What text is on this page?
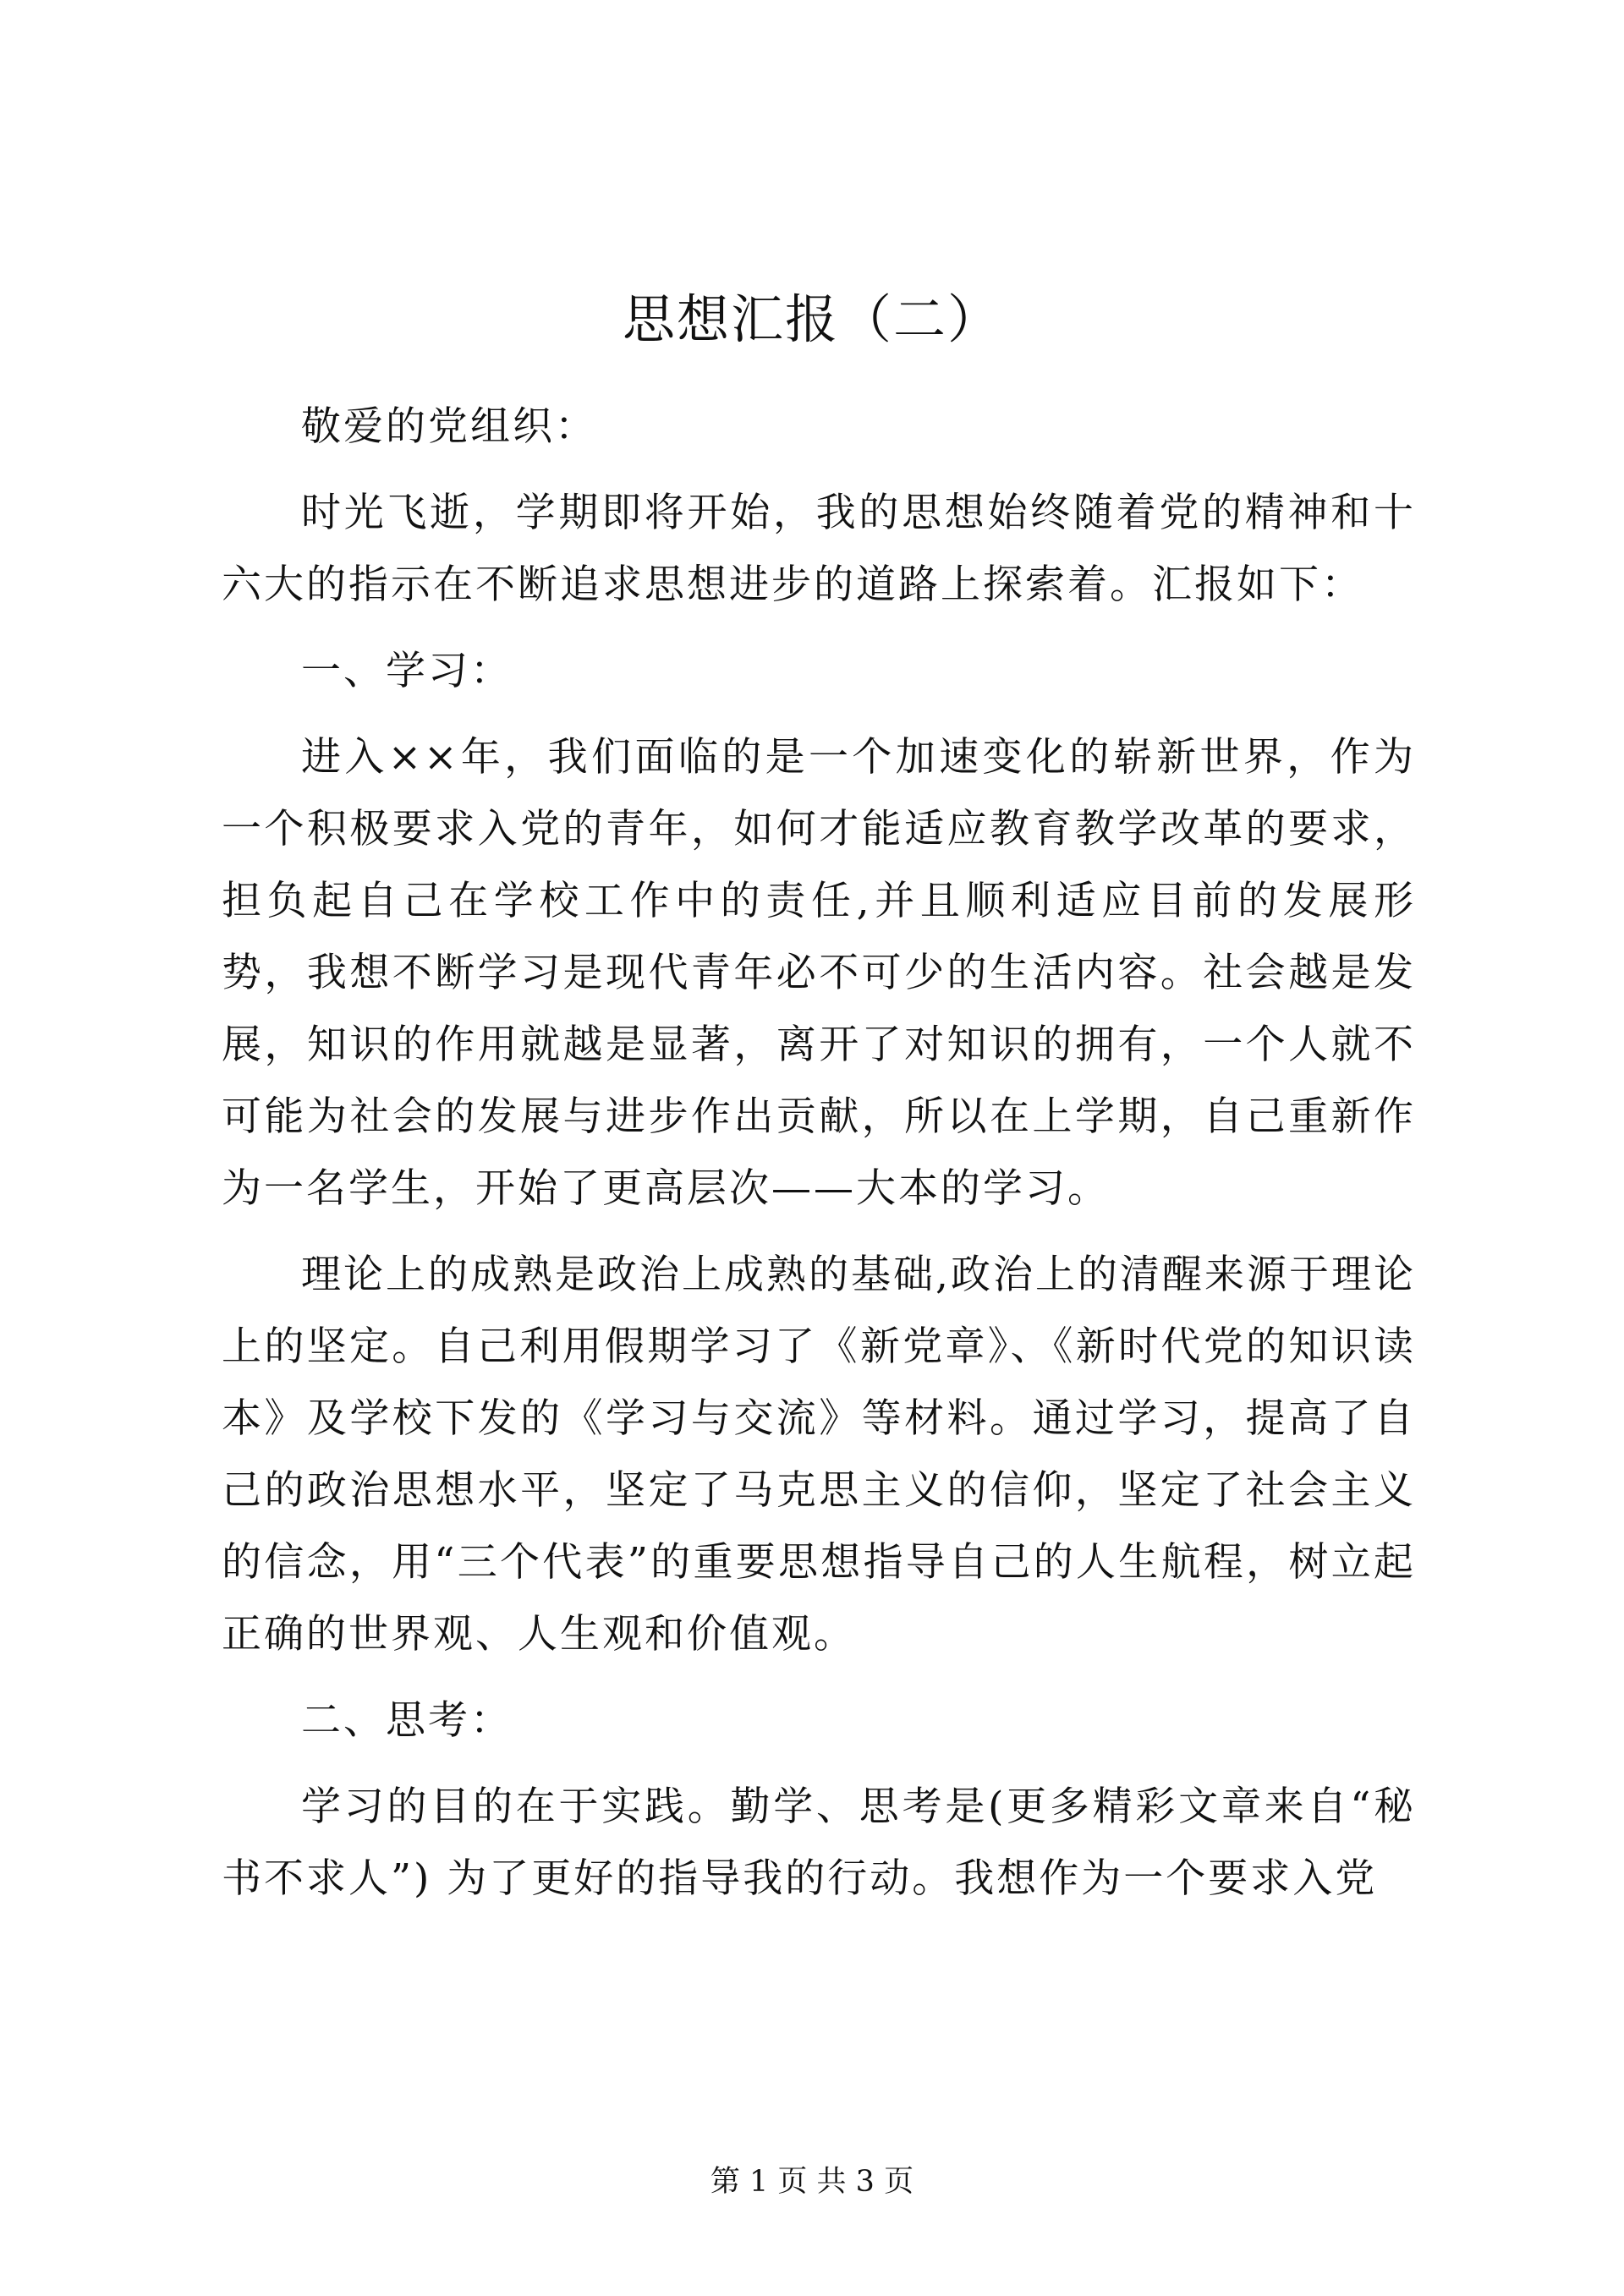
思想汇报（二）

敬爱的党组织：

时光飞逝，学期即将开始，我的思想始终随着党的精神和十六大的指示在不断追求思想进步的道路上探索着。汇报如下：

一、学习：

进入××年，我们面临的是一个加速变化的崭新世界，作为一个积极要求入党的青年，如何才能适应教育教学改革的要求，担负起自己在学校工作中的责任,并且顺利适应目前的发展形势，我想不断学习是现代青年必不可少的生活内容。社会越是发展，知识的作用就越是显著，离开了对知识的拥有，一个人就不可能为社会的发展与进步作出贡献，所以在上学期，自己重新作为一名学生，开始了更高层次——大本的学习。

理论上的成熟是政治上成熟的基础,政治上的清醒来源于理论上的坚定。自己利用假期学习了《新党章》、《新时代党的知识读本》及学校下发的《学习与交流》等材料。通过学习，提高了自己的政治思想水平，坚定了马克思主义的信仰，坚定了社会主义的信念，用“三个代表”的重要思想指导自己的人生航程，树立起正确的世界观、人生观和价值观。

二、思考：

学习的目的在于实践。勤学、思考是(更多精彩文章来自“秘书不求人”) 为了更好的指导我的行动。我想作为一个要求入党

第 1 页 共 3 页
